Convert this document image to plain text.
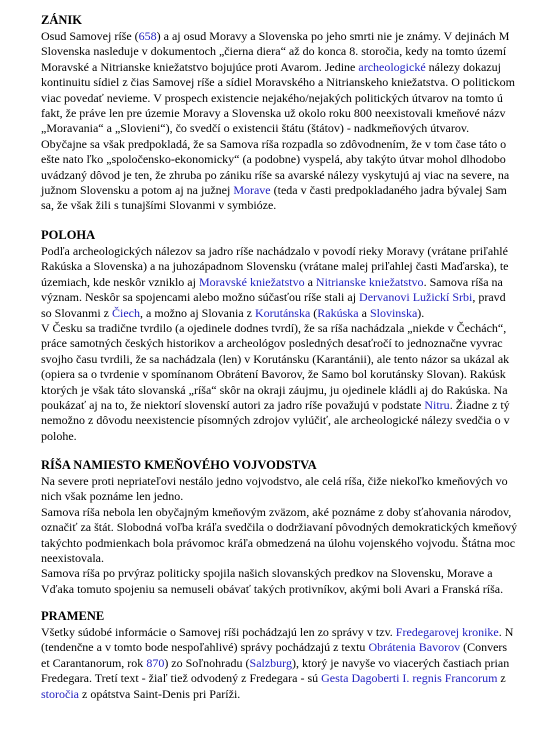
ZÁNIK
Osud Samovej ríše (658) a aj osud Moravy a Slovenska po jeho smrti nie je známy. V dejinách M
Slovenska nasleduje v dokumentoch „čierna diera“ až do konca 8. storočia, kedy na tomto území
Moravské a Nitrianske kniežatstvo bojujúce proti Avarom. Jedine archeologické nálezy dokazuj
kontinuitu sídiel z čias Samovej ríše a sídiel Moravského a Nitrianskeho kniežatstva. O politickom
viac povedať nevieme. V prospech existencie nejakého/nejakých politických útvarov na tomto ú
fakt, že práve len pre územie Moravy a Slovenska už okolo roku 800 neexistovali kmeňové názv
„Moravania“ a „Slovieni“), čo svedčí o existencii štátu (štátov) - nadkmeňových útvarov.
Obyčajne sa však predpokladá, že sa Samova ríša rozpadla so zdôvodnením, že v tom čase táto o
ešte nato ľko „spoločensko-ekonomicky“ (a podobne) vyspelá, aby takýto útvar mohol dlhodobo
uvádzaný dôvod je ten, že zhruba po zániku ríše sa avarské nálezy vyskytujú aj viac na severe, na
južnom Slovensku a potom aj na južnej Morave (teda v časti predpokladaného jadra bývalej Sam
sa, že však žili s tunajšími Slovanmi v symbióze.
POLOHA
Podľa archeologických nálezov sa jadro ríše nachádzalo v povodí rieky Moravy (vrátane priľahlé
Rakúska a Slovenska) a na juhozápadnom Slovensku (vrátane malej priľahlej časti Maďarska), te
územiach, kde neskôr vzniklo aj Moravské kniežatstvo a Nitrianske kniežatstvo. Samova ríša na
význam. Neskôr sa spojencami alebo možno súčasťou ríše stali aj Dervanovi Lužickí Srbi, pravd
so Slovanmi z Čiech, a možno aj Slovania z Korutánska (Rakúska a Slovinska).
V Česku sa tradične tvrdilo (a ojedinele dodnes tvrdí), že sa ríša nachádzala „niekde v Čechách“,
práce samotných českých historikov a archeológov posledných desaťročí to jednoznačne vyvrac
svojho času tvrdili, že sa nachádzala (len) v Korutánsku (Karantánii), ale tento názor sa ukázal ak
(opiera sa o tvrdenie v spomínanom Obrátení Bavorov, že Samo bol korutánsky Slovan). Rakúsk
ktorých je však táto slovanská „ríša“ skôr na okraji záujmu, ju ojedinele kládli aj do Rakúska. Na
poukázať aj na to, že niektorí slovenskí autori za jadro ríše považujú v podstate Nitru. Žiadne z tý
nemožno z dôvodu neexistencie písomných zdrojov vylúčiť, ale archeologické nálezy svedčia o v
polohe.
RÍŠA NAMIESTO KMEŇOVÉHO VOJVODSTVA
Na severe proti nepriateľovi nestálo jedno vojvodstvo, ale celá ríša, čiže niekoľko kmeňových vo
nich však poznáme len jedno.
Samova ríša nebola len obyčajným kmeňovým zväzom, aké poznáme z doby sťahovania národov,
označiť za štát. Slobodná voľba kráľa svedčila o dodržiavaní pôvodných demokratických kmeňový
takýchto podmienkach bola právomoc kráľa obmedzená na úlohu vojenského vojvodu. Štátna moc
neexistovala.
Samova ríša po prvýraz politicky spojila našich slovanských predkov na Slovensku, Morave a
Vďaka tomuto spojeniu sa nemuseli obávať takých protivníkov, akými boli Avari a Franská ríša.
PRAMENE
Všetky súdobé informácie o Samovej ríši pochádzajú len zo správy v tzv. Fredegarovej kronike. N
(tendenčne a v tomto bode nespoľahlivé) správy pochádzajú z textu Obrátenia Bavorov (Convers
et Carantanorum, rok 870) zo Soľnohradu (Salzburg), ktorý je navyše vo viacerých častiach prian
Fredegara. Tretí text - žiaľ tiež odvodený z Fredegara - sú Gesta Dagoberti I. regnis Francorum z
storočia z opátstva Saint-Denis pri Paríži.
